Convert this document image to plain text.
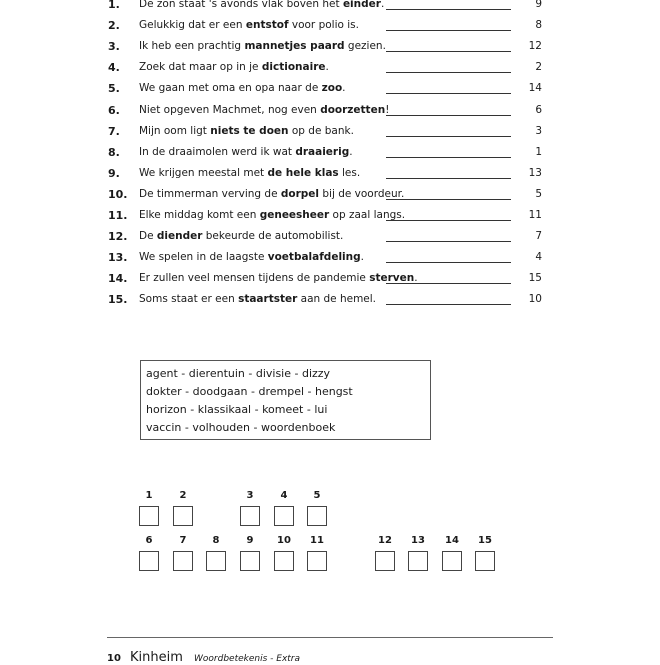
1. De zon staat 's avonds vlak boven het einder.	9
2. Gelukkig dat er een entstof voor polio is.	8
3. Ik heb een prachtig mannetjes paard gezien.	12
4. Zoek dat maar op in je dictionaire.	2
5. We gaan met oma en opa naar de zoo.	14
6. Niet opgeven Machmet, nog even doorzetten!	6
7. Mijn oom ligt niets te doen op de bank.	3
8. In de draaimolen werd ik wat draaierig.	1
9. We krijgen meestal met de hele klas les.	13
10. De timmerman verving de dorpel bij de voordeur.	5
11. Elke middag komt een geneesheer op zaal langs.	11
12. De diender bekeurde de automobilist.	7
13. We spelen in de laagste voetbalafdeling.	4
14. Er zullen veel mensen tijdens de pandemie sterven.	15
15. Soms staat er een staartster aan de hemel.	10
agent - dierentuin - divisie - dizzy
dokter - doodgaan - drempel - hengst
horizon - klassikaal - komeet - lui
vaccin - volhouden - woordenboek
1	2	3	4	5
6	7	8	9	10	11	12	13	14	15
10 Kinheim Woordbetekenis - Extra
